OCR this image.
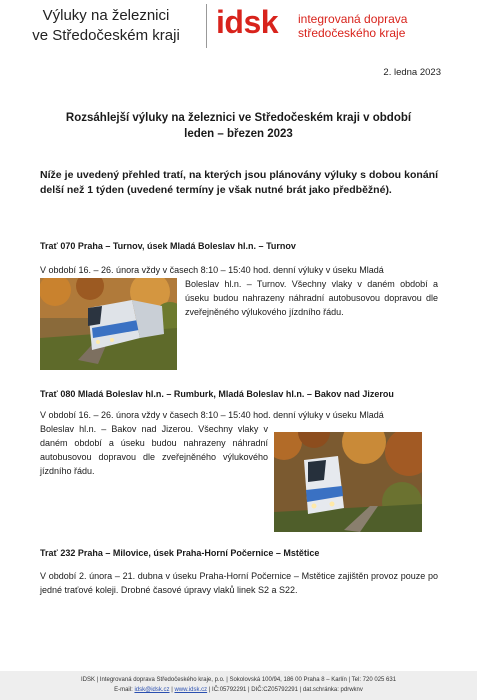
Výluky na železnici
ve Středočeském kraji	idsk integrovaná doprava
středočeského kraje
2. ledna 2023
Rozsáhlejší výluky na železnici ve Středočeském kraji v období
leden – březen 2023
Níže je uvedený přehled tratí, na kterých jsou plánovány výluky s dobou konání delší než 1 týden (uvedené termíny je však nutné brát jako předběžné).
Trať 070 Praha – Turnov, úsek Mladá Boleslav hl.n. – Turnov
V období 16. – 26. února vždy v časech 8:10 – 15:40 hod. denní výluky v úseku Mladá
Boleslav hl.n. – Turnov. Všechny vlaky v daném období a úseku budou nahrazeny náhradní autobusovou dopravou dle zveřejněného výlukového jízdního řádu.
Trať 080 Mladá Boleslav hl.n. – Rumburk, Mladá Boleslav hl.n. – Bakov nad Jizerou
V období 16. – 26. února vždy v časech 8:10 – 15:40 hod. denní výluky v úseku Mladá
Boleslav hl.n. – Bakov nad Jizerou. Všechny vlaky v daném období a úseku budou nahrazeny náhradní autobusovou dopravou dle zveřejněného výlukového jízdního řádu.
Trať 232 Praha – Milovice, úsek Praha-Horní Počernice – Mstětice
V období 2. února – 21. dubna v úseku Praha-Horní Počernice – Mstětice zajištěn provoz pouze po jedné traťové koleji. Drobné časové úpravy vlaků linek S2 a S22.
IDSK | Integrovaná doprava Středočeského kraje, p.o. | Sokolovská 100/94, 186 00 Praha 8 – Karlín | Tel: 720 025 631
E-mail: idsk@idsk.cz | www.idsk.cz | IČ:05792291 | DIČ:CZ05792291 | dat.schránka: pdrwknv
